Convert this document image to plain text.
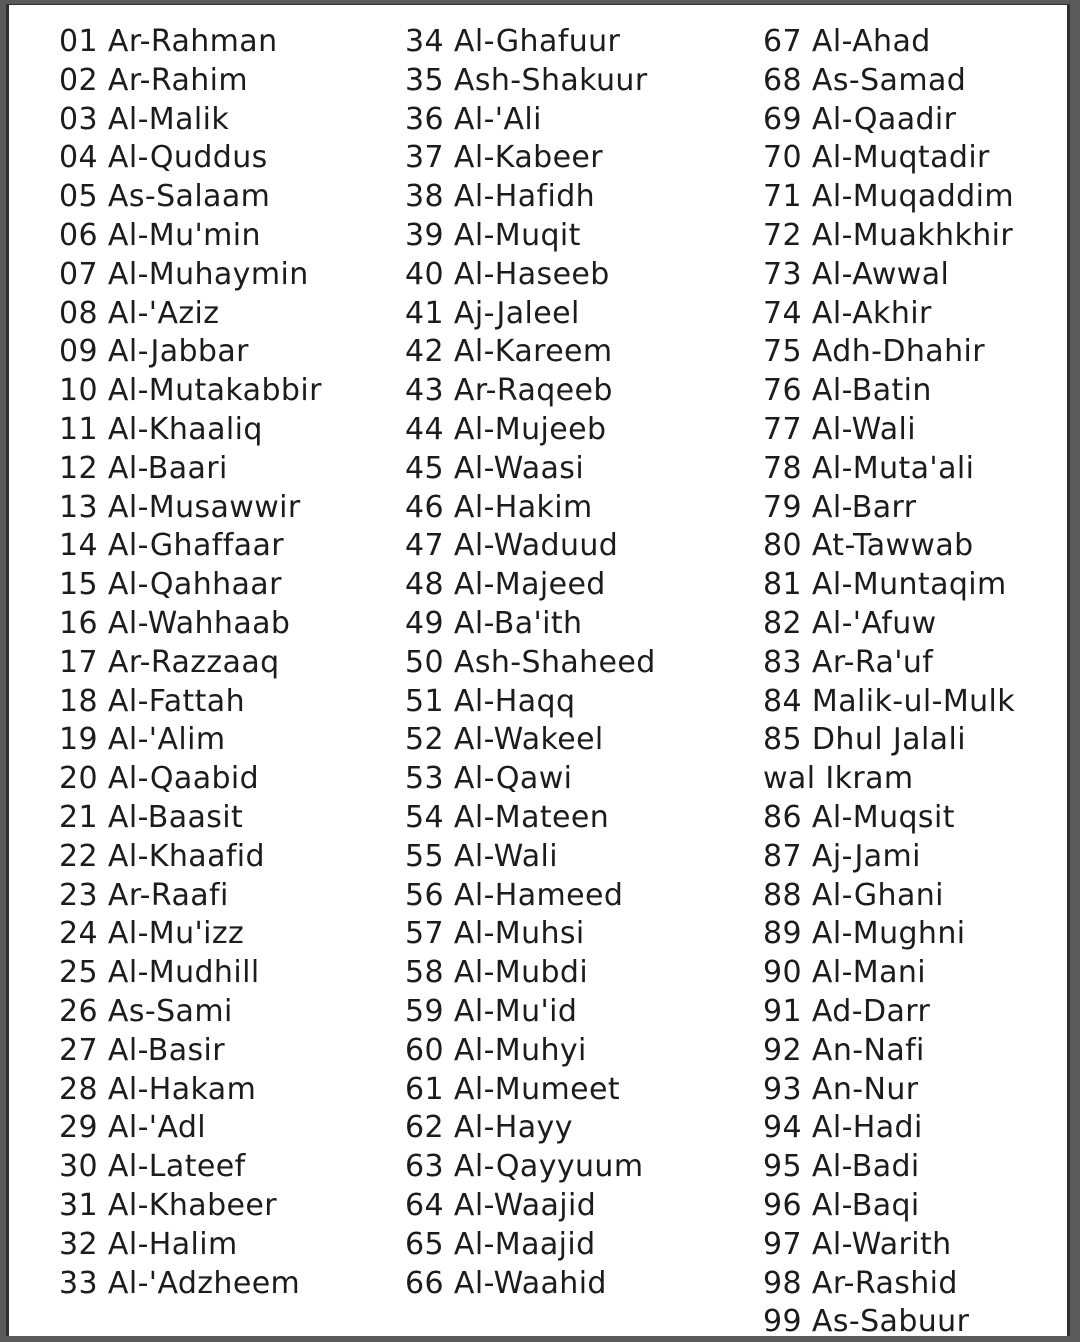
01 Ar-Rahman
02 Ar-Rahim
03 Al-Malik
04 Al-Quddus
05 As-Salaam
06 Al-Mu'min
07 Al-Muhaymin
08 Al-'Aziz
09 Al-Jabbar
10 Al-Mutakabbir
11 Al-Khaaliq
12 Al-Baari
13 Al-Musawwir
14 Al-Ghaffaar
15 Al-Qahhaar
16 Al-Wahhaab
17 Ar-Razzaaq
18 Al-Fattah
19 Al-'Alim
20 Al-Qaabid
21 Al-Baasit
22 Al-Khaafid
23 Ar-Raafi
24 Al-Mu'izz
25 Al-Mudhill
26 As-Sami
27 Al-Basir
28 Al-Hakam
29 Al-'Adl
30 Al-Lateef
31 Al-Khabeer
32 Al-Halim
33 Al-'Adzheem
34 Al-Ghafuur
35 Ash-Shakuur
36 Al-'Ali
37 Al-Kabeer
38 Al-Hafidh
39 Al-Muqit
40 Al-Haseeb
41 Aj-Jaleel
42 Al-Kareem
43 Ar-Raqeeb
44 Al-Mujeeb
45 Al-Waasi
46 Al-Hakim
47 Al-Waduud
48 Al-Majeed
49 Al-Ba'ith
50 Ash-Shaheed
51 Al-Haqq
52 Al-Wakeel
53 Al-Qawi
54 Al-Mateen
55 Al-Wali
56 Al-Hameed
57 Al-Muhsi
58 Al-Mubdi
59 Al-Mu'id
60 Al-Muhyi
61 Al-Mumeet
62 Al-Hayy
63 Al-Qayyuum
64 Al-Waajid
65 Al-Maajid
66 Al-Waahid
67 Al-Ahad
68 As-Samad
69 Al-Qaadir
70 Al-Muqtadir
71 Al-Muqaddim
72 Al-Muakhkhir
73 Al-Awwal
74 Al-Akhir
75 Adh-Dhahir
76 Al-Batin
77 Al-Wali
78 Al-Muta'ali
79 Al-Barr
80 At-Tawwab
81 Al-Muntaqim
82 Al-'Afuw
83 Ar-Ra'uf
84 Malik-ul-Mulk
85 Dhul Jalali
wal Ikram
86 Al-Muqsit
87 Aj-Jami
88 Al-Ghani
89 Al-Mughni
90 Al-Mani
91 Ad-Darr
92 An-Nafi
93 An-Nur
94 Al-Hadi
95 Al-Badi
96 Al-Baqi
97 Al-Warith
98 Ar-Rashid
99 As-Sabuur
